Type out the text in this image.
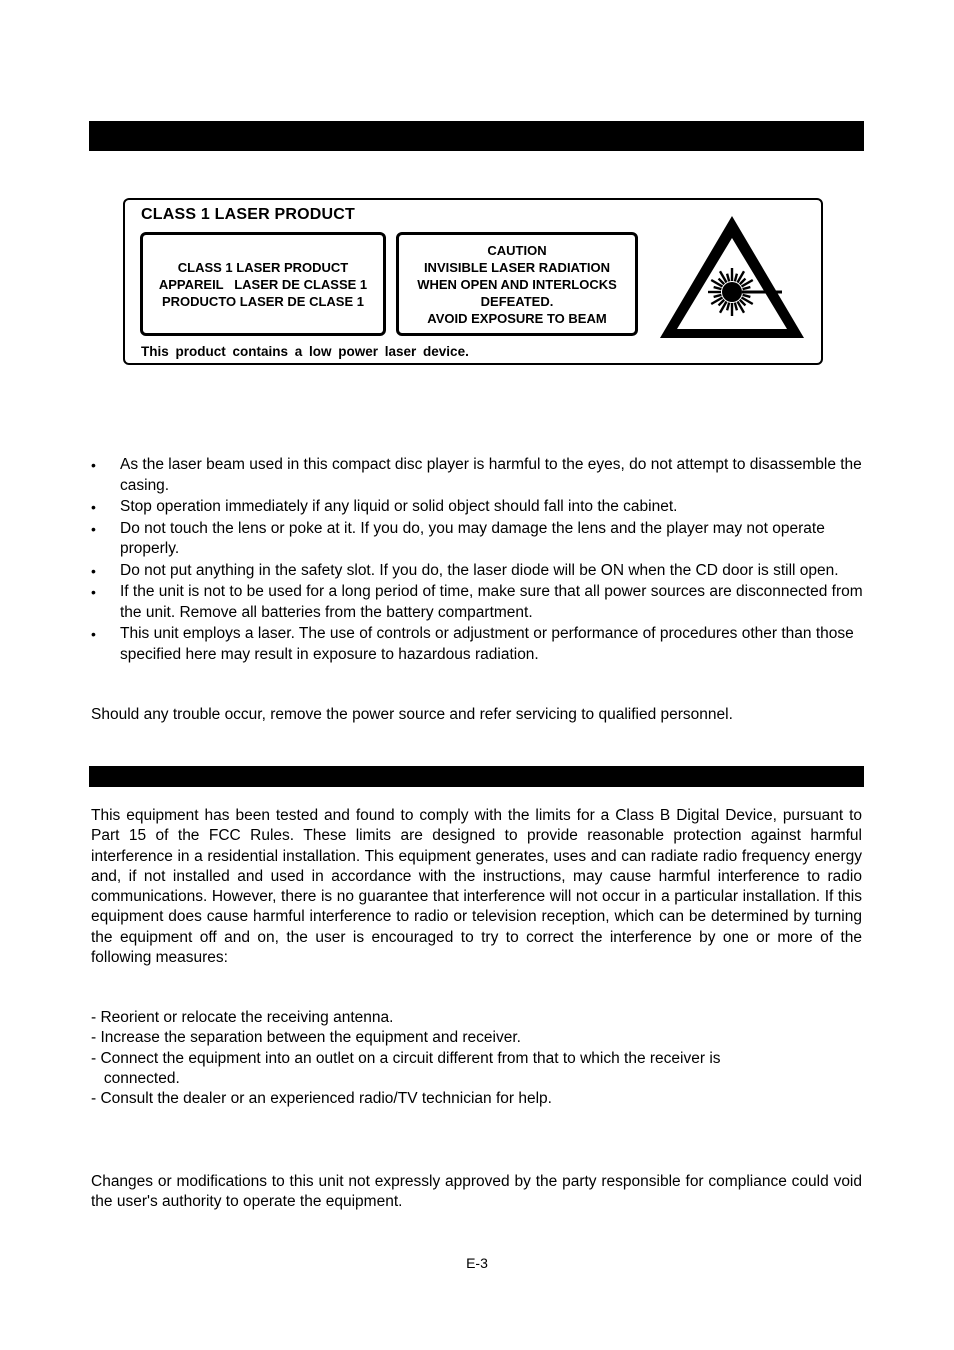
CLASS 1 LASER PRODUCT
CLASS 1 LASER PRODUCT
APPAREIL   LASER DE CLASSE 1
PRODUCTO LASER DE CLASE 1
CAUTION
INVISIBLE LASER RADIATION
WHEN OPEN AND INTERLOCKS
DEFEATED.
AVOID EXPOSURE TO BEAM
This product contains a low power laser device.
• As the laser beam used in this compact disc player is harmful to the eyes, do not attempt to disassemble the casing.
• Stop operation immediately if any liquid or solid object should fall into the cabinet.
• Do not touch the lens or poke at it. If you do, you may damage the lens and the player may not operate properly.
• Do not put anything in the safety slot. If you do, the laser diode will be ON when the CD door is still open.
• If the unit is not to be used for a long period of time, make sure that all power sources are disconnected from the unit. Remove all batteries from the battery compartment.
• This unit employs a laser. The use of controls or adjustment or performance of procedures other than those specified here may result in exposure to hazardous radiation.
Should any trouble occur, remove the power source and refer servicing to qualified personnel.
This equipment has been tested and found to comply with the limits for a Class B Digital Device, pursuant to Part 15 of the FCC Rules. These limits are designed to provide reasonable protection against harmful interference in a residential installation. This equipment generates, uses and can radiate radio frequency energy and, if not installed and used in accordance with the instructions, may cause harmful interference to radio communications. However, there is no guarantee that interference will not occur in a particular installation. If this equipment does cause harmful interference to radio or television reception, which can be determined by turning the equipment off and on, the user is encouraged to try to correct the interference by one or more of the following measures:
- Reorient or relocate the receiving antenna.
- Increase the separation between the equipment and receiver.
- Connect the equipment into an outlet on a circuit different from that to which the receiver is
connected.
- Consult the dealer or an experienced radio/TV technician for help.
Changes or modifications to this unit not expressly approved by the party responsible for compliance could void the user's authority to operate the equipment.
E-3
